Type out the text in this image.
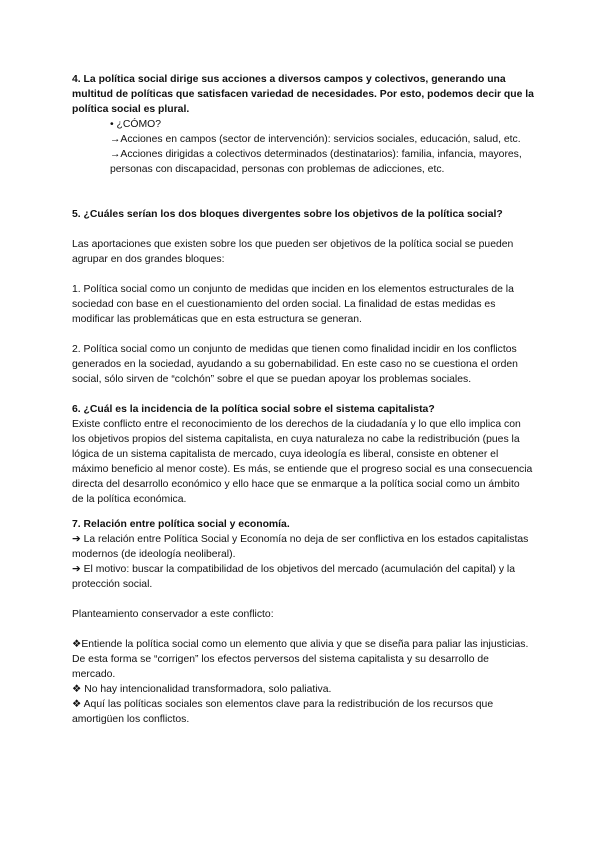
4. La política social dirige sus acciones a diversos campos y colectivos, generando una multitud de políticas que satisfacen variedad de necesidades. Por esto, podemos decir que la política social es plural.

• ¿CÓMO?

→Acciones en campos (sector de intervención): servicios sociales, educación, salud, etc.

→Acciones dirigidas a colectivos determinados (destinatarios): familia, infancia, mayores, personas con discapacidad, personas con problemas de adicciones, etc.

5. ¿Cuáles serían los dos bloques divergentes sobre los objetivos de la política social?

Las aportaciones que existen sobre los que pueden ser objetivos de la política social se pueden agrupar en dos grandes bloques:

1. Política social como un conjunto de medidas que inciden en los elementos estructurales de la sociedad con base en el cuestionamiento del orden social. La finalidad de estas medidas es modificar las problemáticas que en esta estructura se generan.

2. Política social como un conjunto de medidas que tienen como finalidad incidir en los conflictos generados en la sociedad, ayudando a su gobernabilidad. En este caso no se cuestiona el orden social, sólo sirven de “colchón” sobre el que se puedan apoyar los problemas sociales.

6. ¿Cuál es la incidencia de la política social sobre el sistema capitalista?

Existe conflicto entre el reconocimiento de los derechos de la ciudadanía y lo que ello implica con los objetivos propios del sistema capitalista, en cuya naturaleza no cabe la redistribución (pues la lógica de un sistema capitalista de mercado, cuya ideología es liberal, consiste en obtener el máximo beneficio al menor coste). Es más, se entiende que el progreso social es una consecuencia directa del desarrollo económico y ello hace que se enmarque a la política social como un ámbito de la política económica.

7. Relación entre política social y economía.

➔ La relación entre Política Social y Economía no deja de ser conflictiva en los estados capitalistas modernos (de ideología neoliberal).

➔ El motivo: buscar la compatibilidad de los objetivos del mercado (acumulación del capital) y la protección social.

Planteamiento conservador a este conflicto:

❖Entiende la política social como un elemento que alivia y que se diseña para paliar las injusticias. De esta forma se “corrigen” los efectos perversos del sistema capitalista y su desarrollo de mercado.

❖ No hay intencionalidad transformadora, solo paliativa.

❖ Aquí las políticas sociales son elementos clave para la redistribución de los recursos que amortigüen los conflictos.
